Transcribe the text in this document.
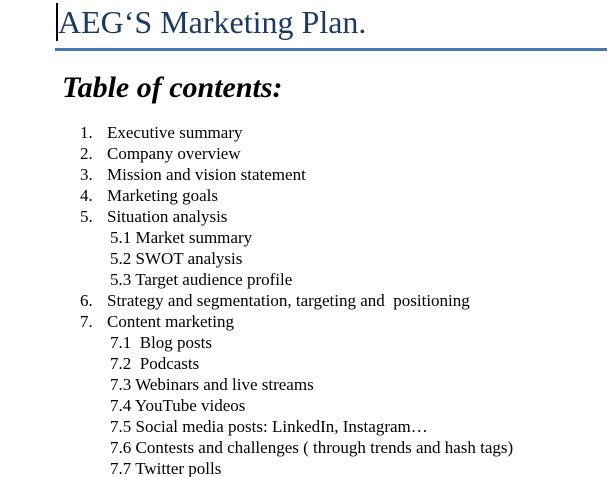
AEG‘S Marketing Plan.
Table of contents:
1. Executive summary
2. Company overview
3. Mission and vision statement
4. Marketing goals
5. Situation analysis
5.1 Market summary
5.2 SWOT analysis
5.3 Target audience profile
6. Strategy and segmentation, targeting and  positioning
7. Content marketing
7.1  Blog posts
7.2  Podcasts
7.3 Webinars and live streams
7.4 YouTube videos
7.5 Social media posts: LinkedIn, Instagram…
7.6 Contests and challenges ( through trends and hash tags)
7.7 Twitter polls
